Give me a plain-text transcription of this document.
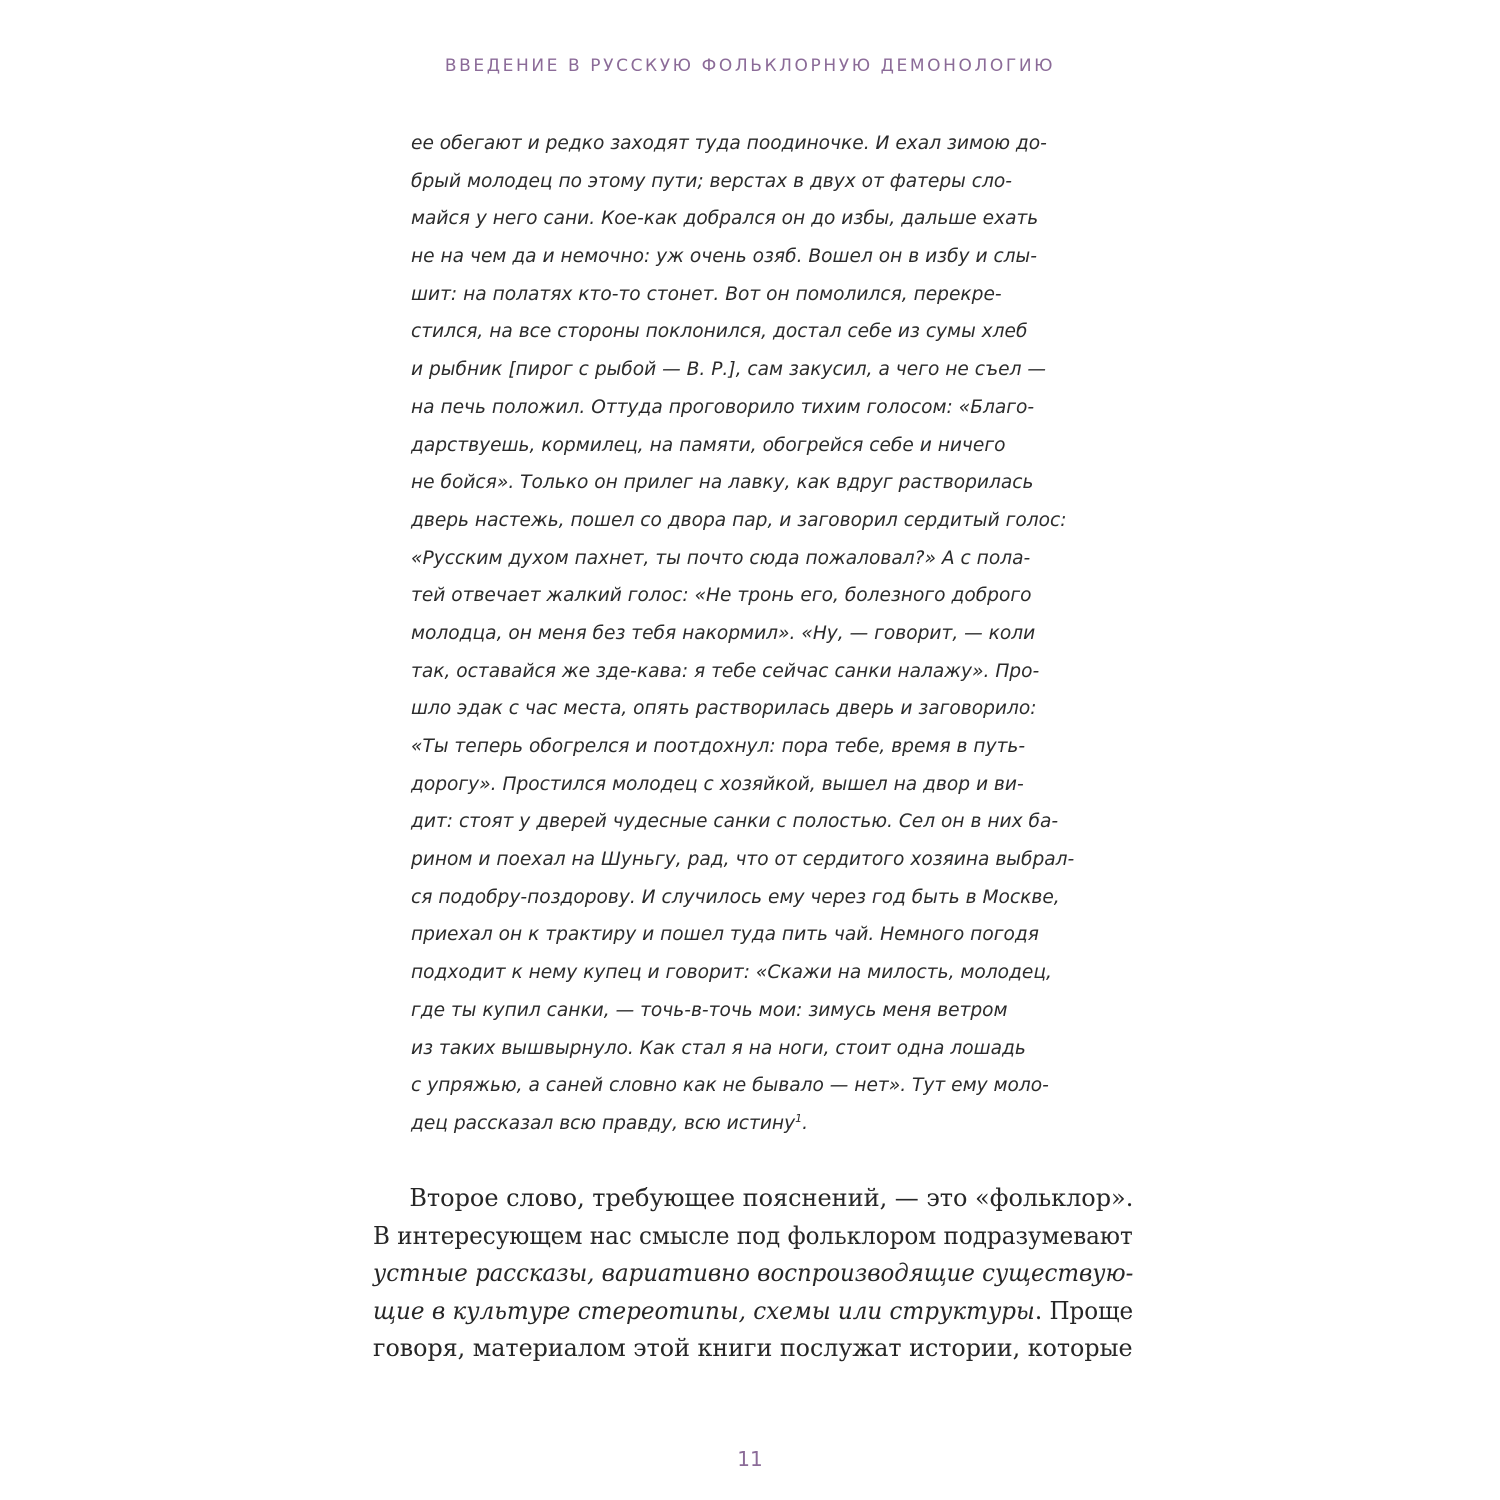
ВВЕДЕНИЕ В РУССКУЮ ФОЛЬКЛОРНУЮ ДЕМОНОЛОГИЮ
ее обегают и редко заходят туда поодиночке. И ехал зимою до-
брый молодец по этому пути; верстах в двух от фатеры сло-
майся у него сани. Кое-как добрался он до избы, дальше ехать
не на чем да и немочно: уж очень озяб. Вошел он в избу и слы-
шит: на полатях кто-то стонет. Вот он помолился, перекре-
стился, на все стороны поклонился, достал себе из сумы хлеб
и рыбник [пирог с рыбой — В. Р.], сам закусил, а чего не съел —
на печь положил. Оттуда проговорило тихим голосом: «Благо-
дарствуешь, кормилец, на памяти, обогрейся себе и ничего
не бойся». Только он прилег на лавку, как вдруг растворилась
дверь настежь, пошел со двора пар, и заговорил сердитый голос:
«Русским духом пахнет, ты почто сюда пожаловал?» А с пола-
тей отвечает жалкий голос: «Не тронь его, болезного доброго
молодца, он меня без тебя накормил». «Ну, — говорит, — коли
так, оставайся же зде-кава: я тебе сейчас санки налажу». Про-
шло эдак с час места, опять растворилась дверь и заговорило:
«Ты теперь обогрелся и поотдохнул: пора тебе, время в путь-
дорогу». Простился молодец с хозяйкой, вышел на двор и ви-
дит: стоят у дверей чудесные санки с полостью. Сел он в них ба-
рином и поехал на Шуньгу, рад, что от сердитого хозяина выбрал-
ся подобру-поздорову. И случилось ему через год быть в Москве,
приехал он к трактиру и пошел туда пить чай. Немного погодя
подходит к нему купец и говорит: «Скажи на милость, молодец,
где ты купил санки, — точь-в-точь мои: зимусь меня ветром
из таких вышвырнуло. Как стал я на ноги, стоит одна лошадь
с упряжью, а саней словно как не бывало — нет». Тут ему моло-
дец рассказал всю правду, всю истину$^1$.
Второе слово, требующее пояснений, — это «фольклор».
В интересующем нас смысле под фольклором подразумевают
устные рассказы, вариативно воспроизводящие существую-
щие в культуре стереотипы, схемы или структуры. Проще
говоря, материалом этой книги послужат истории, которые
11
